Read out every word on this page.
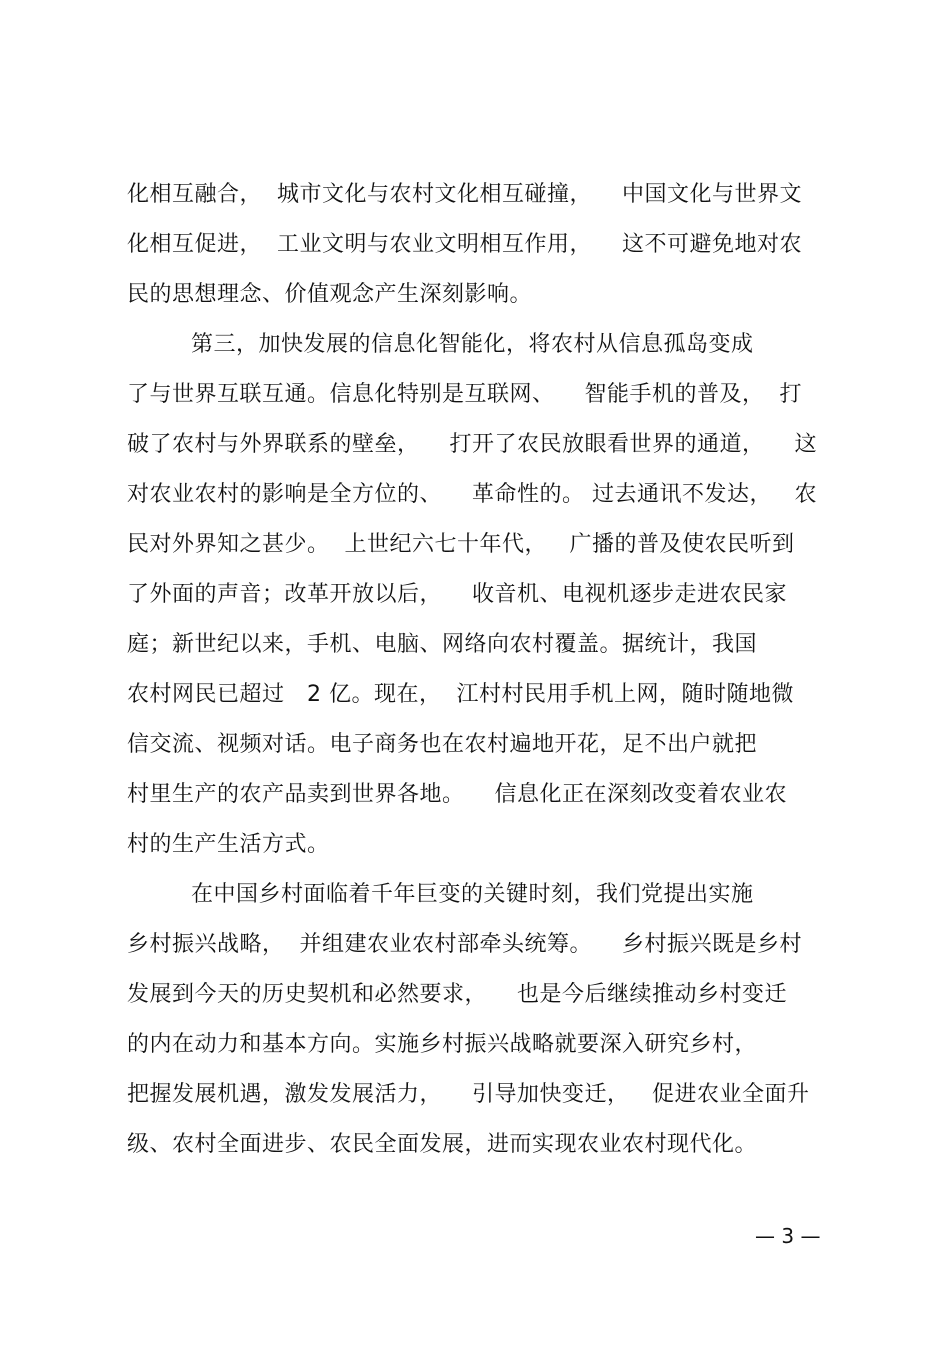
化相互融合，  城市文化与农村文化相互碰撞，    中国文化与世界文
化相互促进，  工业文明与农业文明相互作用，    这不可避免地对农
民的思想理念、价值观念产生深刻影响。
第三，加快发展的信息化智能化，将农村从信息孤岛变成
了与世界互联互通。信息化特别是互联网、    智能手机的普及，  打
破了农村与外界联系的壁垒，    打开了农民放眼看世界的通道，    这
对农业农村的影响是全方位的、    革命性的。 过去通讯不发达，   农
民对外界知之甚少。  上世纪六七十年代，   广播的普及使农民听到
了外面的声音；改革开放以后，    收音机、电视机逐步走进农民家
庭；新世纪以来，手机、电脑、网络向农村覆盖。据统计，我国
农村网民已超过   2 亿。现在，  江村村民用手机上网，随时随地微
信交流、视频对话。电子商务也在农村遍地开花，足不出户就把
村里生产的农产品卖到世界各地。    信息化正在深刻改变着农业农
村的生产生活方式。
在中国乡村面临着千年巨变的关键时刻，我们党提出实施
乡村振兴战略，  并组建农业农村部牵头统筹。    乡村振兴既是乡村
发展到今天的历史契机和必然要求，    也是今后继续推动乡村变迁
的内在动力和基本方向。实施乡村振兴战略就要深入研究乡村，
把握发展机遇，激发发展活力，    引导加快变迁，   促进农业全面升
级、农村全面进步、农民全面发展，进而实现农业农村现代化。
— 3 —
